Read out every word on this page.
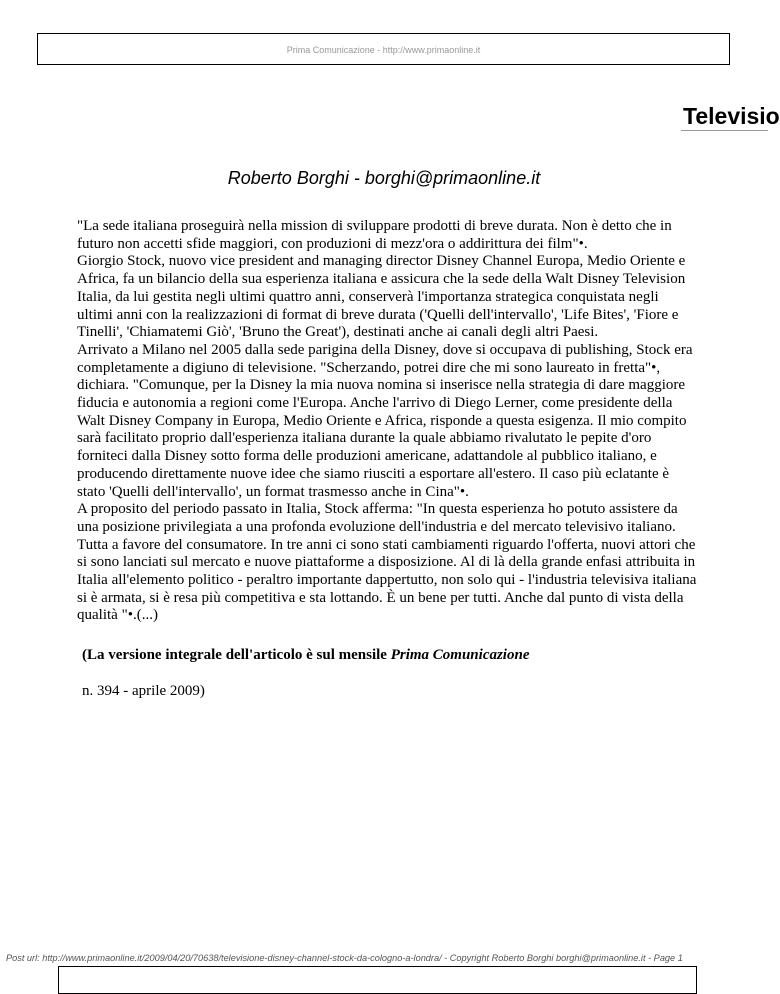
Prima Comunicazione - http://www.primaonline.it
Televisio
Roberto Borghi - borghi@primaonline.it

"La sede italiana proseguirà nella mission di sviluppare prodotti di breve durata. Non è detto che in futuro non accetti sfide maggiori, con produzioni di mezz'ora o addirittura dei film"•.

Giorgio Stock, nuovo vice president and managing director Disney Channel Europa, Medio Oriente e Africa, fa un bilancio della sua esperienza italiana e assicura che la sede della Walt Disney Television Italia, da lui gestita negli ultimi quattro anni, conserverà l'importanza strategica conquistata negli ultimi anni con la realizzazioni di format di breve durata ('Quelli dell'intervallo', 'Life Bites', 'Fiore e Tinelli', 'Chiamatemi Giò', 'Bruno the Great'), destinati anche ai canali degli altri Paesi.

Arrivato a Milano nel 2005 dalla sede parigina della Disney, dove si occupava di publishing, Stock era completamente a digiuno di televisione. "Scherzando, potrei dire che mi sono laureato in fretta"•, dichiara. "Comunque, per la Disney la mia nuova nomina si inserisce nella strategia di dare maggiore fiducia e autonomia a regioni come l'Europa. Anche l'arrivo di Diego Lerner, come presidente della Walt Disney Company in Europa, Medio Oriente e Africa, risponde a questa esigenza. Il mio compito sarà facilitato proprio dall'esperienza italiana durante la quale abbiamo rivalutato le pepite d'oro forniteci dalla Disney sotto forma delle produzioni americane, adattandole al pubblico italiano, e producendo direttamente nuove idee che siamo riusciti a esportare all'estero. Il caso più eclatante è stato 'Quelli dell'intervallo', un format trasmesso anche in Cina"•.

A proposito del periodo passato in Italia, Stock afferma: "In questa esperienza ho potuto assistere da una posizione privilegiata a una profonda evoluzione dell'industria e del mercato televisivo italiano. Tutta a favore del consumatore. In tre anni ci sono stati cambiamenti riguardo l'offerta, nuovi attori che si sono lanciati sul mercato e nuove piattaforme a disposizione. Al di là della grande enfasi attribuita in Italia all'elemento politico - peraltro importante dappertutto, non solo qui - l'industria televisiva italiana si è armata, si è resa più competitiva e sta lottando. È un bene per tutti. Anche dal punto di vista della qualità "•.(...)

(La versione integrale dell'articolo è sul mensile Prima Comunicazione
n. 394 - aprile 2009)
Post url: http://www.primaonline.it/2009/04/20/70638/televisione-disney-channel-stock-da-cologno-a-londra/ - Copyright Roberto Borghi borghi@primaonline.it - Page 1
